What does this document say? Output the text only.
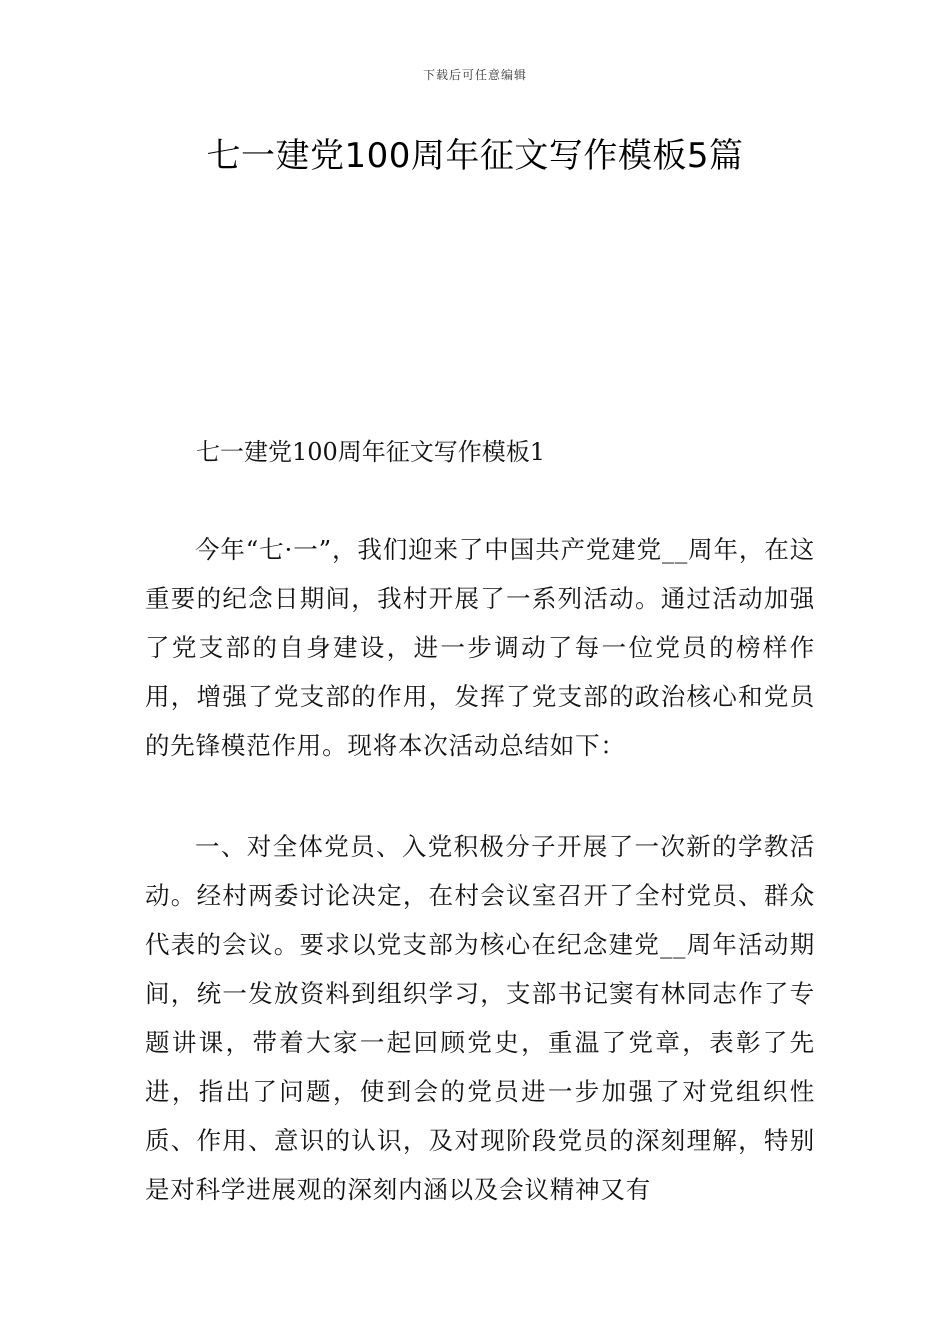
下载后可任意编辑
七一建党100周年征文写作模板5篇
七一建党100周年征文写作模板1

今年“七·一”，我们迎来了中国共产党建党__周年，在这重要的纪念日期间，我村开展了一系列活动。通过活动加强了党支部的自身建设，进一步调动了每一位党员的榜样作用，增强了党支部的作用，发挥了党支部的政治核心和党员的先锋模范作用。现将本次活动总结如下：

一、对全体党员、入党积极分子开展了一次新的学教活动。经村两委讨论决定，在村会议室召开了全村党员、群众代表的会议。要求以党支部为核心在纪念建党__周年活动期间，统一发放资料到组织学习，支部书记窦有林同志作了专题讲课，带着大家一起回顾党史，重温了党章，表彰了先进，指出了问题，使到会的党员进一步加强了对党组织性质、作用、意识的认识，及对现阶段党员的深刻理解，特别是对科学进展观的深刻内涵以及会议精神又有
